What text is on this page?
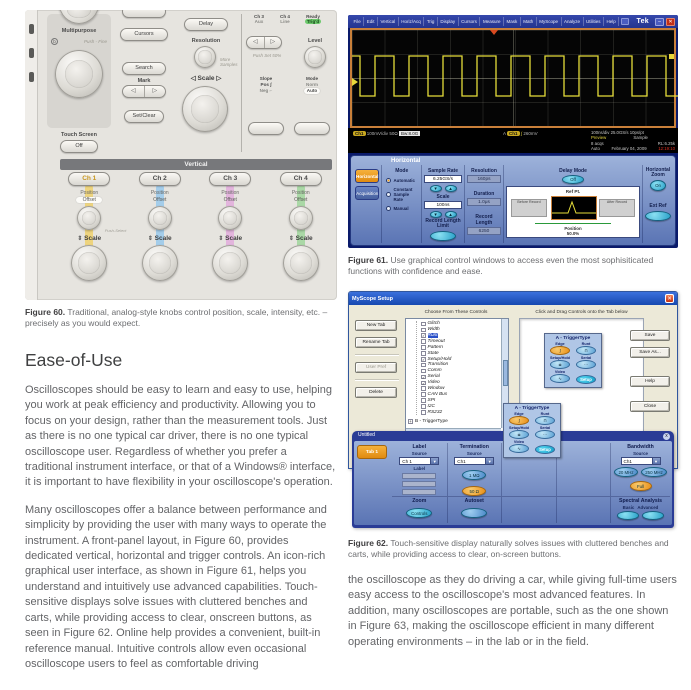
Multipurpose
b	Push - Fine
Touch Screen
Off
Cursors
Search
Mark
◁	▷
Set/Clear
Delay
Resolution
More Samples
◁ Scale ▷
Ch 3
Aux
Ch 4
Line
Ready
Trig'd
◁	▷	Level
Push Set 50%
Slope
Pos ∫
Neg ⌐
Mode
Norm
Auto
Vertical
Ch 1
Position
Offset
Push-Select
⇕ Scale
Ch 2
Position
Offset
⇕ Scale
Ch 3
Position
Offset
⇕ Scale
Ch 4
Position
Offset
⇕ Scale
Figure 60. Traditional, analog-style knobs control position, scale, intensity, etc. – precisely as you would expect.
Ease-of-Use

Oscilloscopes should be easy to learn and easy to use, helping you work at peak efficiency and productivity. Allowing you to focus on your design, rather than the measurement tools. Just as there is no one typical car driver, there is no one typical oscilloscope user. Regardless of whether you prefer a traditional instrument interface, or that of a Windows® interface, it is important to have flexibility in your oscilloscope's operation.

Many oscilloscopes offer a balance between performance and simplicity by providing the user with many ways to operate the instrument. A front-panel layout, in Figure 60, provides dedicated vertical, horizontal and trigger controls. An icon-rich graphical user interface, as shown in Figure 61, helps you understand and intuitively use advanced capabilities. Touch-sensitive displays solve issues with cluttered benches and carts, while providing access to clear, onscreen buttons, as seen in Figure 62. Online help provides a convenient, built-in reference manual. Intuitive controls allow even occasional oscilloscope users to feel as comfortable driving

File	Edit	Vertical	Horiz/Acq	Trig	Display	Cursors	Measure	Mask	Math	MyScope	Analyze	Utilities	Help	Tek	–	✕
Ch1 100mV/div 50Ω Bw:8.0G	A Ch1 ∫ 260mV	100ns/div 25.0GS/s 10ps/pt
Preview	Sample
8 acqs	RL:6.25k
Auto	February 04, 2009	12:19:10
Horizontal
Horizontal
Acquisition
Mode
Automatic
Constant Sample Rate
Manual
Sample Rate
6.25GS/s
▼	▲
Scale
100ns
▼	▲
Record Length
Limit
Resolution
160ps
Duration
1.0μs
Record Length
6250
Delay Mode
Off
Ref Pt.
Before Record	After Record
Position
50.0%
Horizontal
Zoom
On
Ext Ref
Figure 61. Use graphical control windows to access even the most sophisiticated functions with confidence and ease.
MyScope Setup	✕
New Tab
Rename Tab
User Pref
Delete
Choose From These Controls
Glitch
Width
✓ Runt
Timeout
Pattern
State
✓ Setup/Hold
Transition
Comm
✓ Serial
✓ Video
Window
CAN Bus
SPI
I2C
RS232
+ B - TriggerType
Click and Drag Controls onto the Tab below
Save
Save As...
Help
Close
A - TriggerType
Edge
∫
Runt
⊓
Setup/Hold
≑
Serial
···
Video
∿	Setup
A - TriggerType
Edge
∫
Runt
⊓
Setup/Hold
≑
Serial
···
Video
∿	Setup
Untitled	x
Tab 1
Label
Source
Ch 1	▼
Label
Termination
Source
Ch1	▼
1 MΩ
50 Ω
Bandwidth
Source
Ch1	▼
20 MHz	250 MHz
Full
Zoom
Controls
Autoset	Spectral Analysis
Basic Advanced
Figure 62. Touch-sensitive display naturally solves issues with cluttered benches and carts, while providing access to clear, on-screen buttons.

the oscilloscope as they do driving a car, while giving full-time users easy access to the oscilloscope's most advanced features. In addition, many oscilloscopes are portable, such as the one shown in Figure 63, making the oscilloscope efficient in many different operating environments – in the lab or in the field.
